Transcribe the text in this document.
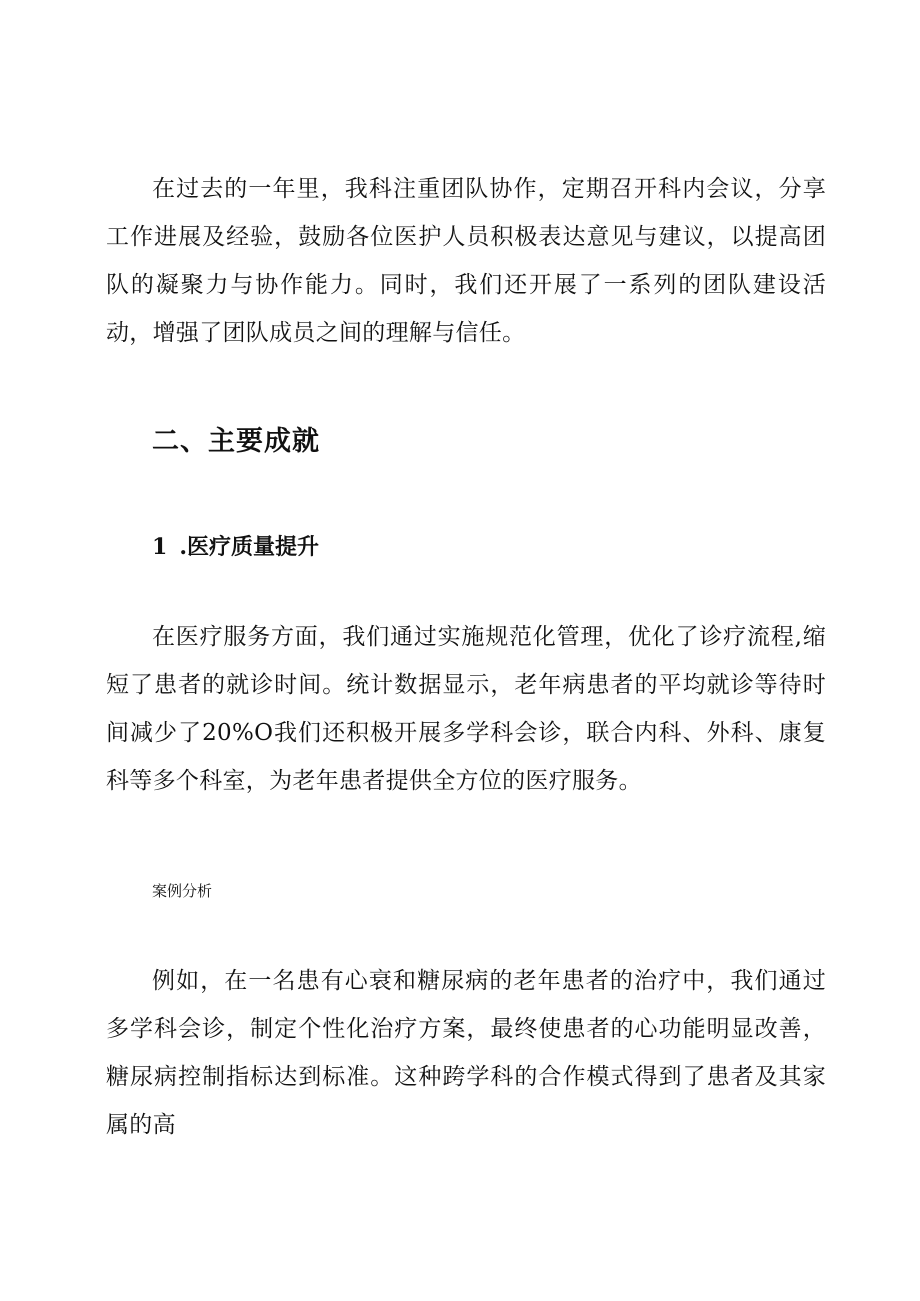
在过去的一年里，我科注重团队协作，定期召开科内会议，分享工作进展及经验，鼓励各位医护人员积极表达意见与建议，以提高团队的凝聚力与协作能力。同时，我们还开展了一系列的团队建设活动，增强了团队成员之间的理解与信任。

二、主要成就
1 .医疗质量提升

在医疗服务方面，我们通过实施规范化管理，优化了诊疗流程,缩短了患者的就诊时间。统计数据显示，老年病患者的平均就诊等待时间减少了20%O我们还积极开展多学科会诊，联合内科、外科、康复科等多个科室，为老年患者提供全方位的医疗服务。

案例分析

例如，在一名患有心衰和糖尿病的老年患者的治疗中，我们通过多学科会诊，制定个性化治疗方案，最终使患者的心功能明显改善，糖尿病控制指标达到标准。这种跨学科的合作模式得到了患者及其家属的高
